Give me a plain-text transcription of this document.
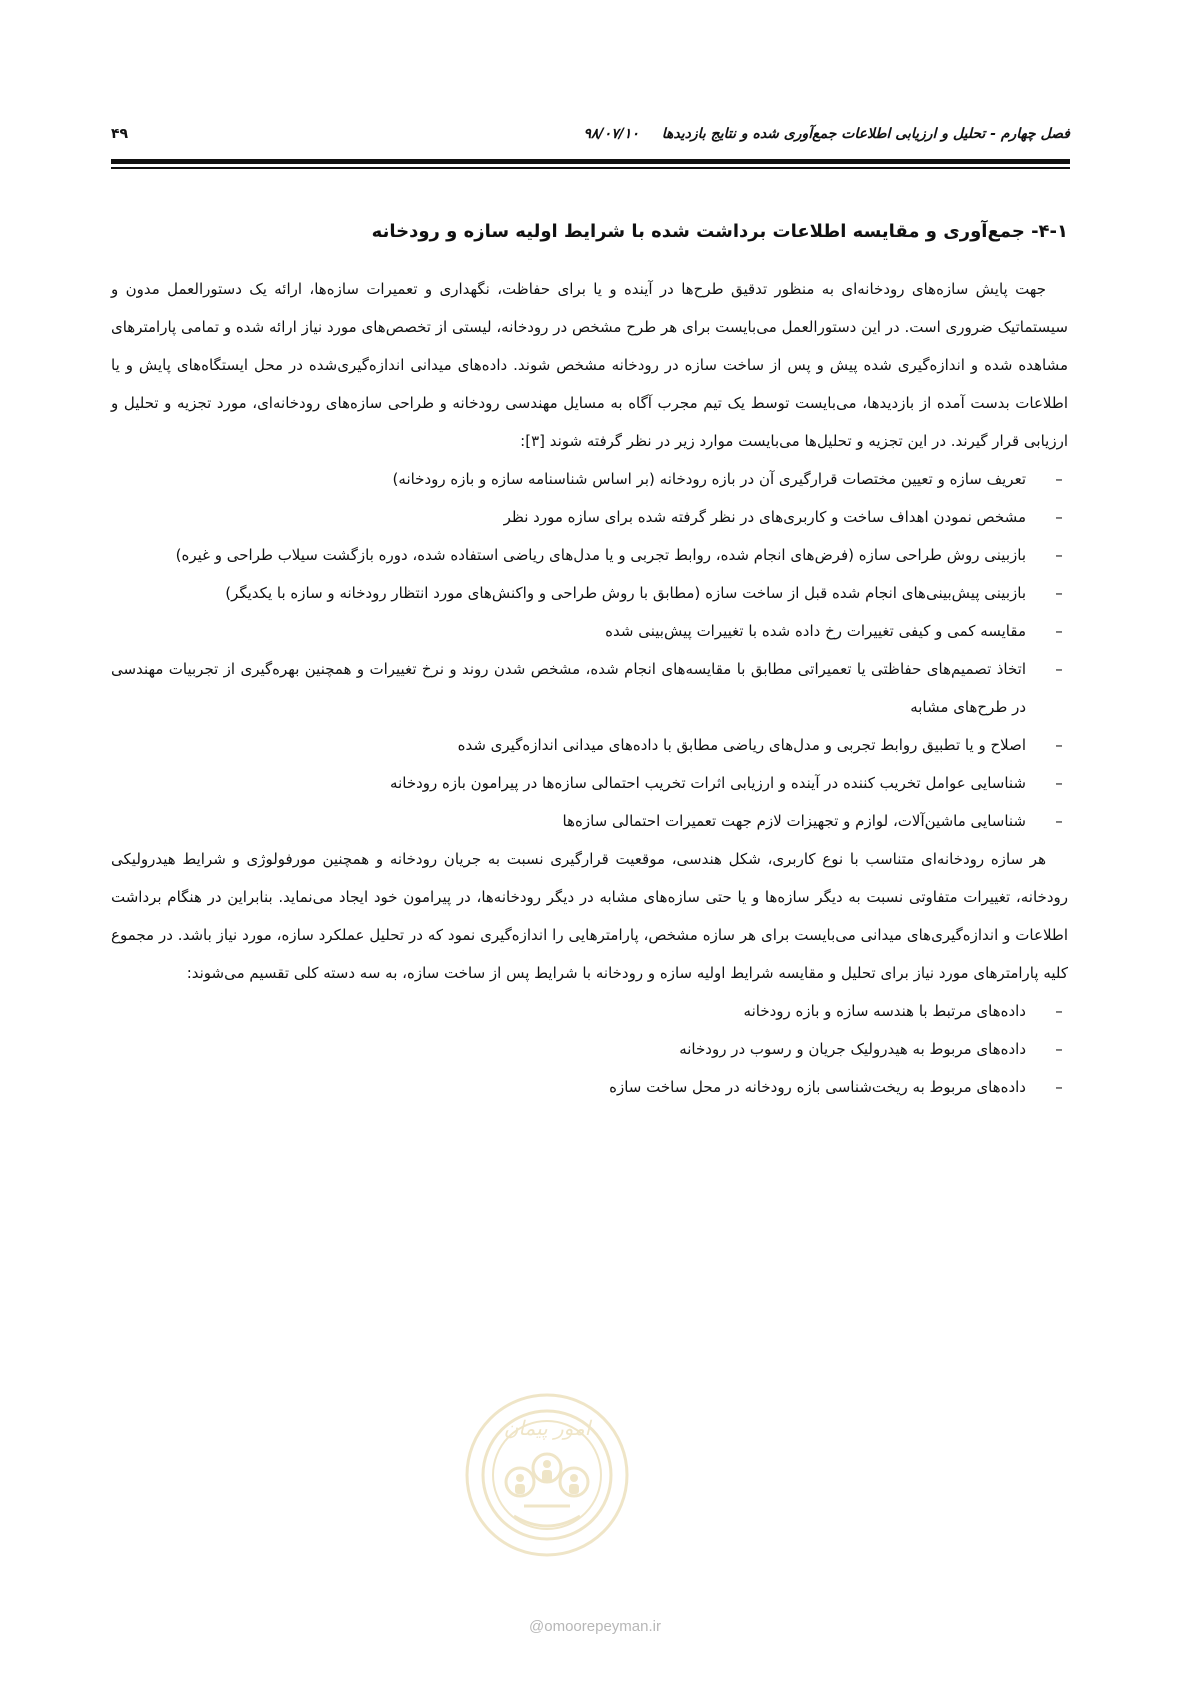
فصل چهارم - تحلیل و ارزیابی اطلاعات جمع‌آوری شده و نتایج بازدیدها ۹۸/۰۷/۱۰
۴۹
۴-۱- جمع‌آوری و مقایسه اطلاعات برداشت شده با شرایط اولیه سازه و رودخانه

جهت پایش سازه‌های رودخانه‌ای به منظور تدقیق طرح‌ها در آینده و یا برای حفاظت، نگهداری و تعمیرات سازه‌ها، ارائه یک دستورالعمل مدون و سیستماتیک ضروری است. در این دستورالعمل می‌بایست برای هر طرح مشخص در رودخانه، لیستی از تخصص‌های مورد نیاز ارائه شده و تمامی پارامترهای مشاهده شده و اندازه‌گیری شده پیش و پس از ساخت سازه در رودخانه مشخص شوند. داده‌های میدانی اندازه‌گیری‌شده در محل ایستگاه‌های پایش و یا اطلاعات بدست آمده از بازدیدها، می‌بایست توسط یک تیم مجرب آگاه به مسایل مهندسی رودخانه و طراحی سازه‌های رودخانه‌ای، مورد تجزیه و تحلیل و ارزیابی قرار گیرند. در این تجزیه و تحلیل‌ها می‌بایست موارد زیر در نظر گرفته شوند [۳]:

–
تعریف سازه و تعیین مختصات قرارگیری آن در بازه رودخانه (بر اساس شناسنامه سازه و بازه رودخانه)
–
مشخص نمودن اهداف ساخت و کاربری‌های در نظر گرفته شده برای سازه مورد نظر
–
بازبینی روش طراحی سازه (فرض‌های انجام شده، روابط تجربی و یا مدل‌های ریاضی استفاده شده، دوره بازگشت سیلاب طراحی و غیره)
–
بازبینی پیش‌بینی‌های انجام شده قبل از ساخت سازه (مطابق با روش طراحی و واکنش‌های مورد انتظار رودخانه و سازه با یکدیگر)
–
مقایسه کمی و کیفی تغییرات رخ داده شده با تغییرات پیش‌بینی شده
–
اتخاذ تصمیم‌های حفاظتی یا تعمیراتی مطابق با مقایسه‌های انجام شده، مشخص شدن روند و نرخ تغییرات و همچنین بهره‌گیری از تجربیات مهندسی در طرح‌های مشابه
–
اصلاح و یا تطبیق روابط تجربی و مدل‌های ریاضی مطابق با داده‌های میدانی اندازه‌گیری شده
–
شناسایی عوامل تخریب کننده در آینده و ارزیابی اثرات تخریب احتمالی سازه‌ها در پیرامون بازه رودخانه
–
شناسایی ماشین‌آلات، لوازم و تجهیزات لازم جهت تعمیرات احتمالی سازه‌ها

هر سازه رودخانه‌ای متناسب با نوع کاربری، شکل هندسی، موقعیت قرارگیری نسبت به جریان رودخانه و همچنین مورفولوژی و شرایط هیدرولیکی رودخانه، تغییرات متفاوتی نسبت به دیگر سازه‌ها و یا حتی سازه‌های مشابه در دیگر رودخانه‌ها، در پیرامون خود ایجاد می‌نماید. بنابراین در هنگام برداشت اطلاعات و اندازه‌گیری‌های میدانی می‌بایست برای هر سازه مشخص، پارامترهایی را اندازه‌گیری نمود که در تحلیل عملکرد سازه، مورد نیاز باشد. در مجموع کلیه پارامترهای مورد نیاز برای تحلیل و مقایسه شرایط اولیه سازه و رودخانه با شرایط پس از ساخت سازه، به سه دسته کلی تقسیم می‌شوند:

–
داده‌های مرتبط با هندسه سازه و بازه رودخانه
–
داده‌های مربوط به هیدرولیک جریان و رسوب در رودخانه
–
داده‌های مربوط به ریخت‌شناسی بازه رودخانه در محل ساخت سازه
امور پیمان
@omoorepeyman.ir
